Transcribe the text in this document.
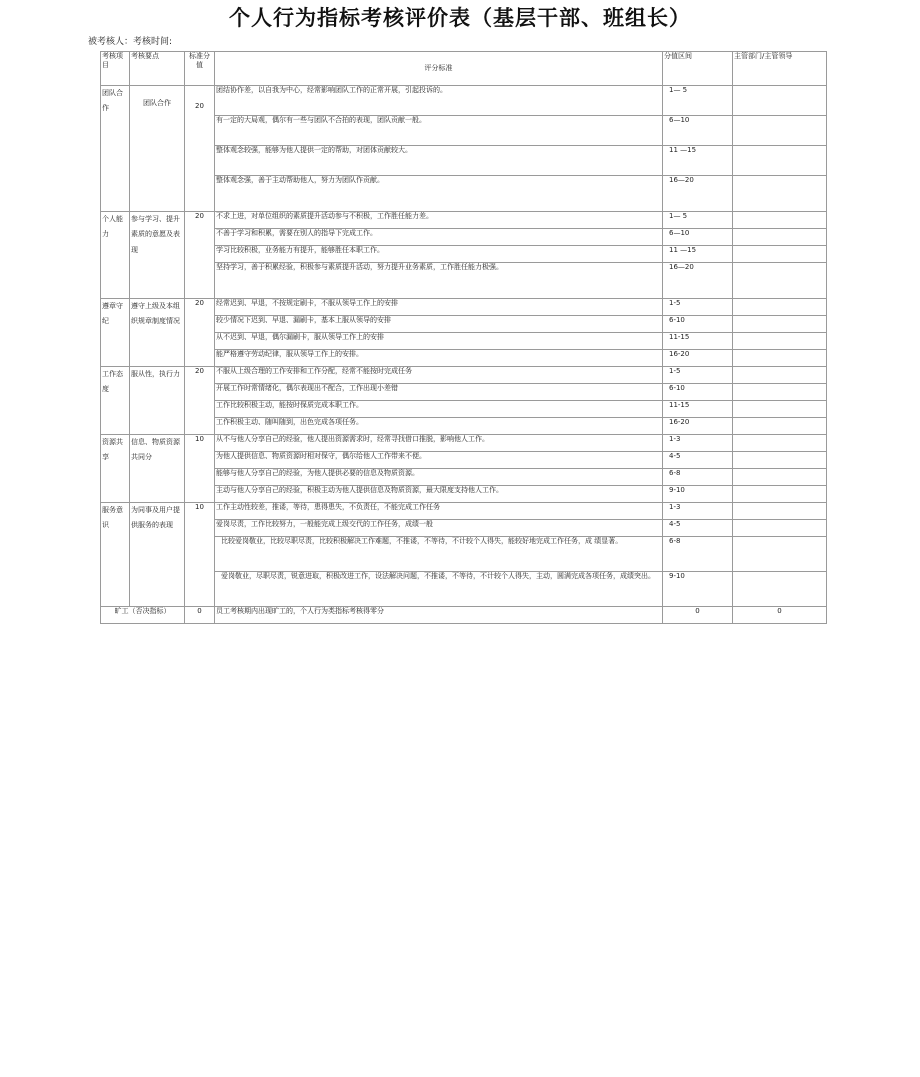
个人行为指标考核评价表（基层干部、班组长）
被考核人：考核时间:
考核项目	考核要点	标准分值	评分标准	分值区间	主管部门/主管领导
团队合作	团队合作	20	团结协作差，以自我为中心，经常影响团队工作的正常开展，引起投诉的。	1— 5	
			有一定的大局观，偶尔有一些与团队不合拍的表现，团队贡献一般。	6—10	
			整体观念较强，能够为他人提供一定的帮助，对团体贡献较大。	11 —15	
			整体观念强，善于主动帮助他人，努力为团队作贡献。	16—20	
个人能力	参与学习、提升素质的意愿及表现	20	不求上进，对单位组织的素质提升活动参与不积极，工作胜任能力差。	1— 5	
			不善于学习和积累，需要在别人的指导下完成工作。	6—10	
			学习比较积极，业务能力有提升，能够胜任本职工作。	11 —15	
			坚持学习，善于积累经验，积极参与素质提升活动，努力提升业务素质，工作胜任能力极强。	16—20	
遵章守纪	遵守上级及本组织规章制度情况	20	经常迟到、早退，不按规定刷卡，不服从领导工作上的安排	1-5	
			较少情况下迟到、早退、漏刷卡，基本上服从领导的安排	6-10	
			从不迟到、早退，偶尔漏刷卡，服从领导工作上的安排	11-15	
			能严格遵守劳动纪律，服从领导工作上的安排。	16-20	
工作态度	服从性，执行力	20	不服从上级合理的工作安排和工作分配，经常不能按时完成任务	1-5	
			开展工作时常情绪化，偶尔表现出不配合，工作出现小差错	6-10	
			工作比较积极主动，能按时保质完成本职工作。	11-15	
			工作积极主动、随叫随到，出色完成各项任务。	16-20	
资源共享	信息、物质资源共同分	10	从不与他人分享自己的经验，他人提出资源需求时，经常寻找借口推脱，影响他人工作。	1-3	
			为他人提供信息、物质资源时相对保守，偶尔给他人工作带来不便。	4-5	
			能够与他人分享自己的经验，为他人提供必要的信息及物质资源。	6-8	
			主动与他人分享自己的经验，积极主动为他人提供信息及物质资源，最大限度支持他人工作。	9-10	
服务意识	为同事及用户提供服务的表现	10	工作主动性较差，推诿，等待，患得患失，不负责任，不能完成工作任务	1-3	
			爱岗尽责，工作比较努力，一般能完成上级交代的工作任务，成绩一般	4-5	
			比较爱岗敬业，比较尽职尽责，比较积极解决工作难题，不推诿，不等待，不计较个人得失，能较好地完成工作任务，成 绩显著。	6-8	
			爱岗敬业，尽职尽责，锐意进取，积极改进工作，设法解决问题，不推诿，不等待，不计较个人得失，主动，圆满完成各项任务，成绩突出。	9-10	
旷工（否决指标）		0	员工考核期内出现旷工的，个人行为类指标考核得零分	0	0
